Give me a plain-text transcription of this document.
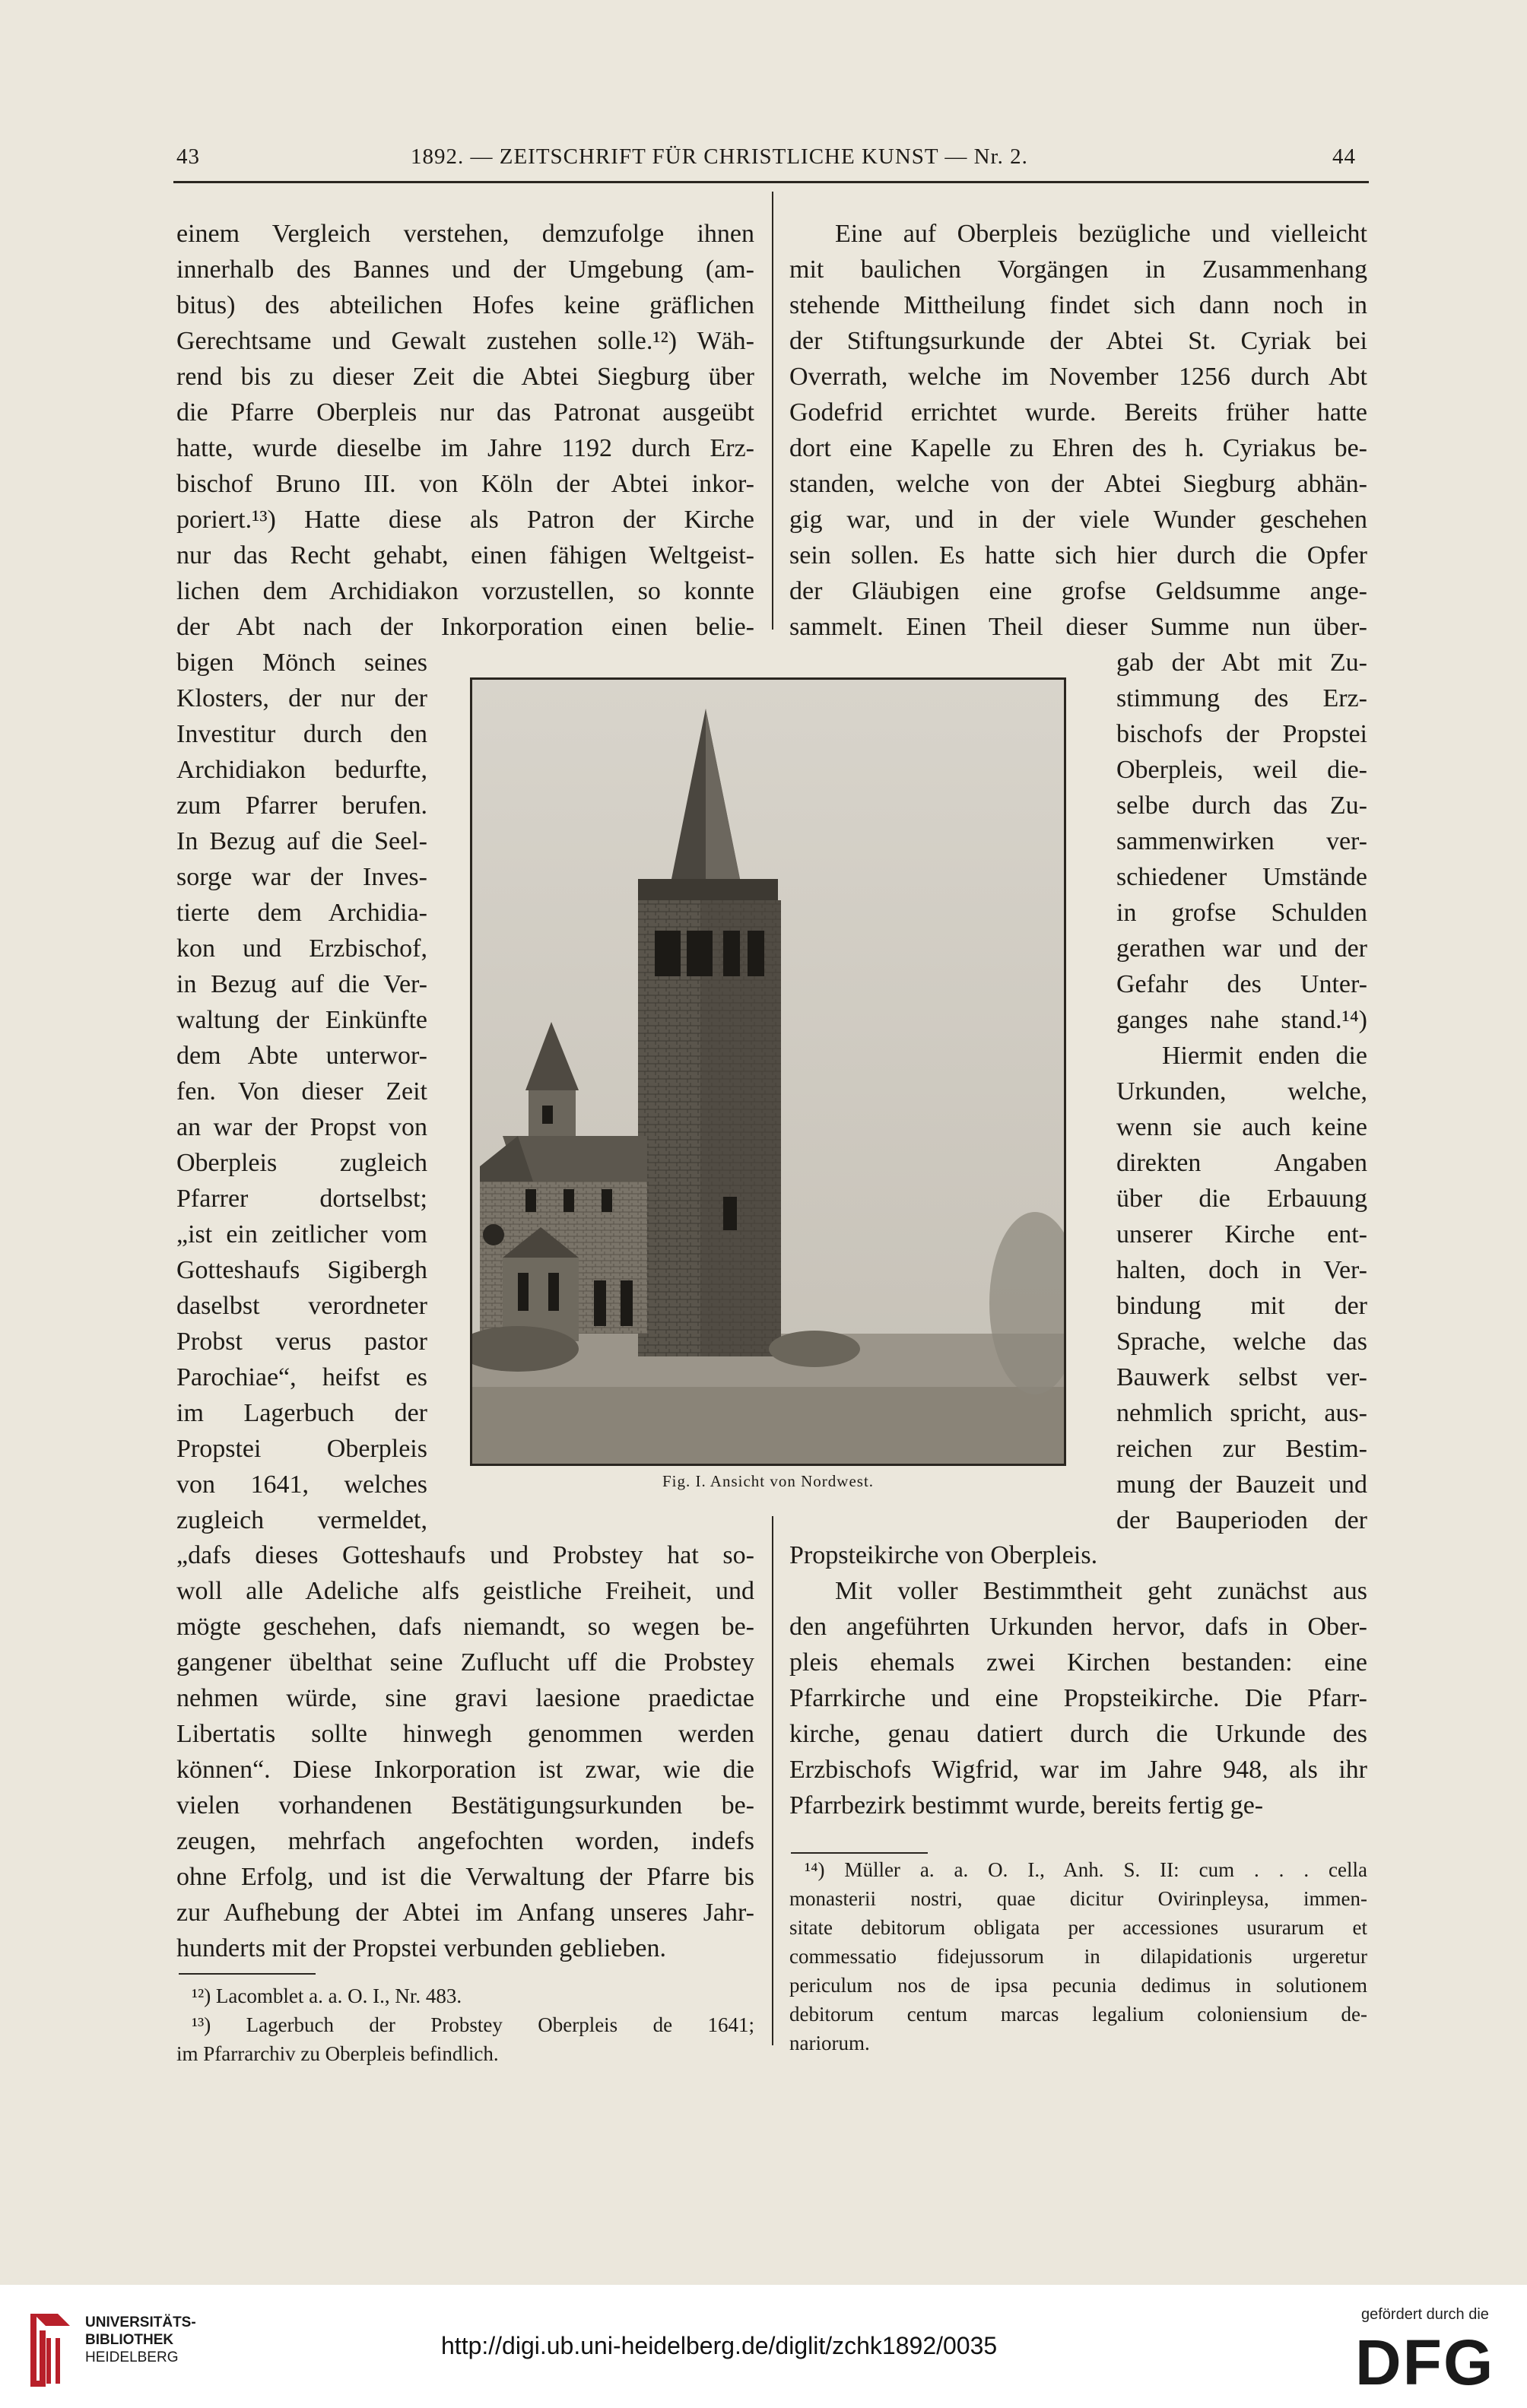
43	1892. — ZEITSCHRIFT FÜR CHRISTLICHE KUNST — Nr. 2.	44
einem Vergleich verstehen, demzufolge ihnen
innerhalb des Bannes und der Umgebung (am-
bitus) des abteilichen Hofes keine gräflichen
Gerechtsame und Gewalt zustehen solle.¹²) Wäh-
rend bis zu dieser Zeit die Abtei Siegburg über
die Pfarre Oberpleis nur das Patronat ausgeübt
hatte, wurde dieselbe im Jahre 1192 durch Erz-
bischof Bruno III. von Köln der Abtei inkor-
poriert.¹³) Hatte diese als Patron der Kirche
nur das Recht gehabt, einen fähigen Weltgeist-
lichen dem Archidiakon vorzustellen, so konnte
der Abt nach der Inkorporation einen belie-
bigen Mönch seines
Klosters, der nur der
Investitur durch den
Archidiakon bedurfte,
zum Pfarrer berufen.
In Bezug auf die Seel-
sorge war der Inves-
tierte dem Archidia-
kon und Erzbischof,
in Bezug auf die Ver-
waltung der Einkünfte
dem Abte unterwor-
fen. Von dieser Zeit
an war der Propst von
Oberpleis zugleich
Pfarrer dortselbst;
„ist ein zeitlicher vom
Gotteshaufs Sigibergh
daselbst verordneter
Probst verus pastor
Parochiae“, heifst es
im Lagerbuch der
Propstei Oberpleis
von 1641, welches
zugleich vermeldet,
„dafs dieses Gotteshaufs und Probstey hat so-
woll alle Adeliche alfs geistliche Freiheit, und
mögte geschehen, dafs niemandt, so wegen be-
gangener übelthat seine Zuflucht uff die Probstey
nehmen würde, sine gravi laesione praedictae
Libertatis sollte hinwegh genommen werden
können“. Diese Inkorporation ist zwar, wie die
vielen vorhandenen Bestätigungsurkunden be-
zeugen, mehrfach angefochten worden, indefs
ohne Erfolg, und ist die Verwaltung der Pfarre bis
zur Aufhebung der Abtei im Anfang unseres Jahr-
hunderts mit der Propstei verbunden geblieben.
¹²) Lacomblet a. a. O. I., Nr. 483.
¹³) Lagerbuch der Probstey Oberpleis de 1641;
im Pfarrarchiv zu Oberpleis befindlich.
Eine auf Oberpleis bezügliche und vielleicht
mit baulichen Vorgängen in Zusammenhang
stehende Mittheilung findet sich dann noch in
der Stiftungsurkunde der Abtei St. Cyriak bei
Overrath, welche im November 1256 durch Abt
Godefrid errichtet wurde. Bereits früher hatte
dort eine Kapelle zu Ehren des h. Cyriakus be-
standen, welche von der Abtei Siegburg abhän-
gig war, und in der viele Wunder geschehen
sein sollen. Es hatte sich hier durch die Opfer
der Gläubigen eine grofse Geldsumme ange-
sammelt. Einen Theil dieser Summe nun über-
gab der Abt mit Zu-
stimmung des Erz-
bischofs der Propstei
Oberpleis, weil die-
selbe durch das Zu-
sammenwirken ver-
schiedener Umstände
in grofse Schulden
gerathen war und der
Gefahr des Unter-
ganges nahe stand.¹⁴)
Hiermit enden die
Urkunden, welche,
wenn sie auch keine
direkten Angaben
über die Erbauung
unserer Kirche ent-
halten, doch in Ver-
bindung mit der
Sprache, welche das
Bauwerk selbst ver-
nehmlich spricht, aus-
reichen zur Bestim-
mung der Bauzeit und
der Bauperioden der
Propsteikirche von Oberpleis.
Mit voller Bestimmtheit geht zunächst aus
den angeführten Urkunden hervor, dafs in Ober-
pleis ehemals zwei Kirchen bestanden: eine
Pfarrkirche und eine Propsteikirche. Die Pfarr-
kirche, genau datiert durch die Urkunde des
Erzbischofs Wigfrid, war im Jahre 948, als ihr
Pfarrbezirk bestimmt wurde, bereits fertig ge-
¹⁴) Müller a. a. O. I., Anh. S. II: cum . . . cella
monasterii nostri, quae dicitur Ovirinpleysa, immen-
sitate debitorum obligata per accessiones usurarum et
commessatio fidejussorum in dilapidationis urgeretur
periculum nos de ipsa pecunia dedimus in solutionem
debitorum centum marcas legalium coloniensium de-
nariorum.
Fig. I. Ansicht von Nordwest.
UNIVERSITÄTS-
BIBLIOTHEK
HEIDELBERG	http://digi.ub.uni-heidelberg.de/diglit/zchk1892/0035
gefördert durch die
DFG
